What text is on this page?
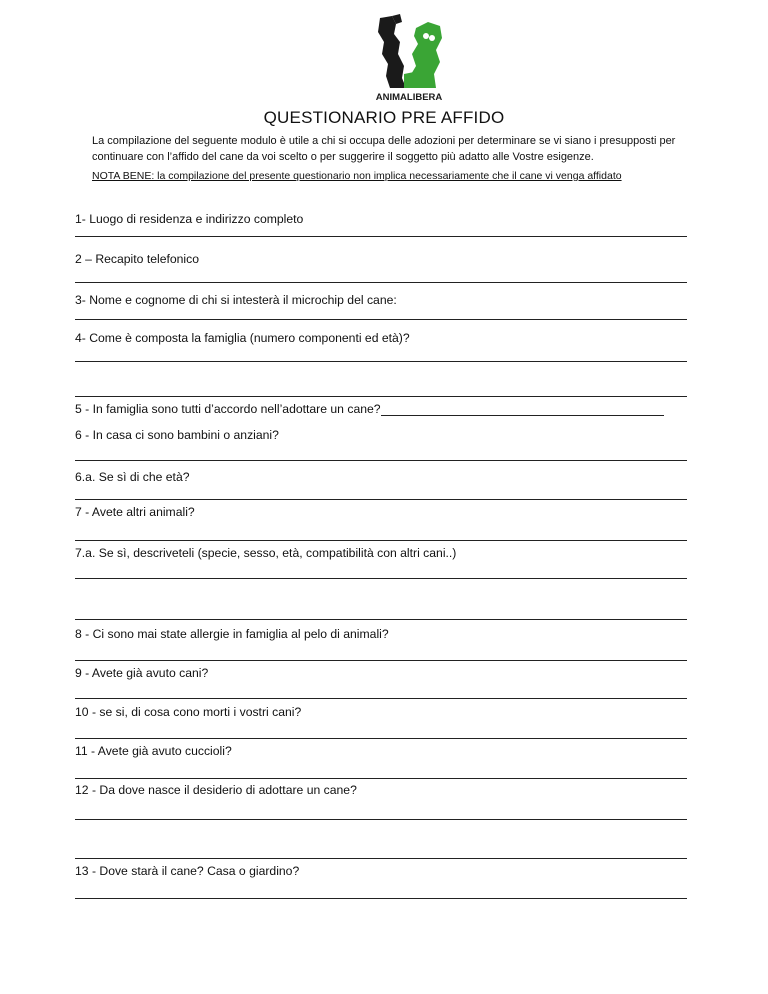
ANIMALIBERA
QUESTIONARIO PRE AFFIDO
La compilazione del seguente modulo è utile a chi si occupa delle adozioni per determinare se vi siano i presupposti per continuare con l’affido del cane da voi scelto o per suggerire il soggetto più adatto alle Vostre esigenze.
NOTA BENE: la compilazione del presente questionario non implica necessariamente che il cane vi venga affidato
1- Luogo di residenza e indirizzo completo
2 – Recapito telefonico
3- Nome e cognome di chi si intesterà il microchip del cane:
4- Come è composta la famiglia (numero componenti ed età)?
5 - In famiglia sono tutti d’accordo nell’adottare un cane?
6 - In casa ci sono bambini o anziani?
6.a. Se sì di che età?
7 - Avete altri animali?
7.a. Se sì, descriveteli (specie, sesso, età, compatibilità con altri cani..)
8 - Ci sono mai state allergie in famiglia al pelo di animali?
9 - Avete già avuto cani?
10 - se si, di cosa cono morti i vostri cani?
11 - Avete già avuto cuccioli?
12 - Da dove nasce il desiderio di adottare un cane?
13 - Dove starà il cane? Casa o giardino?
